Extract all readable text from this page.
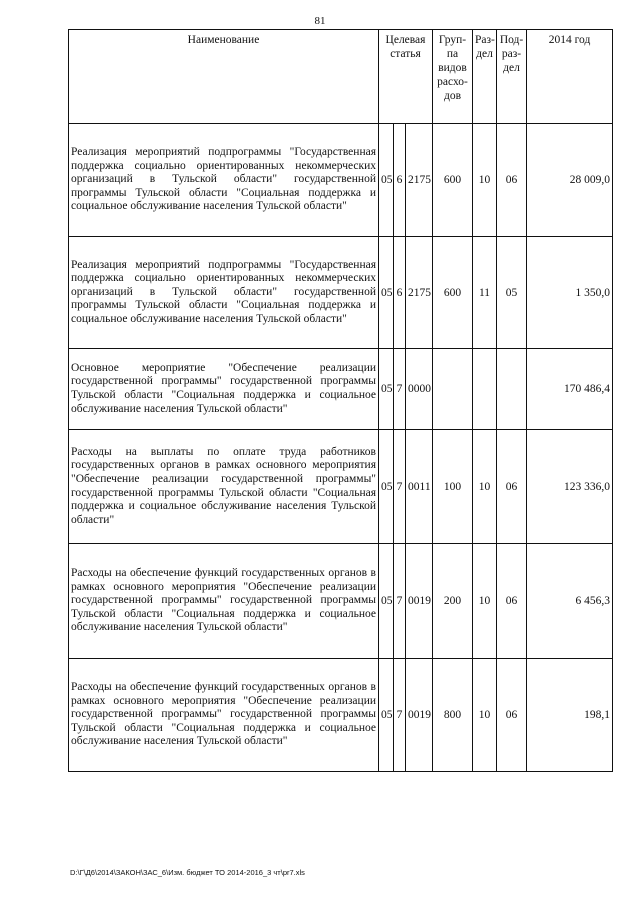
81
Наименование	Целевая статья			Груп-па видов расхо-дов	Раз-дел	Под-раз-дел	2014 год
Реализация мероприятий подпрограммы "Государственная поддержка социально ориентированных некоммерческих организаций в Тульской области" государственной программы Тульской области "Социальная поддержка и социальное обслуживание населения Тульской области"	05	6	2175	600	10	06	28 009,0
Реализация мероприятий подпрограммы "Государственная поддержка социально ориентированных некоммерческих организаций в Тульской области" государственной программы Тульской области "Социальная поддержка и социальное обслуживание населения Тульской области"	05	6	2175	600	11	05	1 350,0
Основное мероприятие "Обеспечение реализации государственной программы" государственной программы Тульской области "Социальная поддержка и социальное обслуживание населения Тульской области"	05	7	0000				170 486,4
Расходы на выплаты по оплате труда работников государственных органов в рамках основного мероприятия "Обеспечение реализации государственной программы" государственной программы Тульской области "Социальная поддержка и социальное обслуживание населения Тульской области"	05	7	0011	100	10	06	123 336,0
Расходы на обеспечение функций государственных органов в рамках основного мероприятия "Обеспечение реализации государственной программы" государственной программы Тульской области "Социальная поддержка и социальное обслуживание населения Тульской области"	05	7	0019	200	10	06	6 456,3
Расходы на обеспечение функций государственных органов в рамках основного мероприятия "Обеспечение реализации государственной программы" государственной программы Тульской области "Социальная поддержка и социальное обслуживание населения Тульской области"	05	7	0019	800	10	06	198,1
D:\Г\Д6\2014\ЗАКОН\ЗАС_6\Изм. бюджет ТО 2014-2016_3 чт\pr7.xls
